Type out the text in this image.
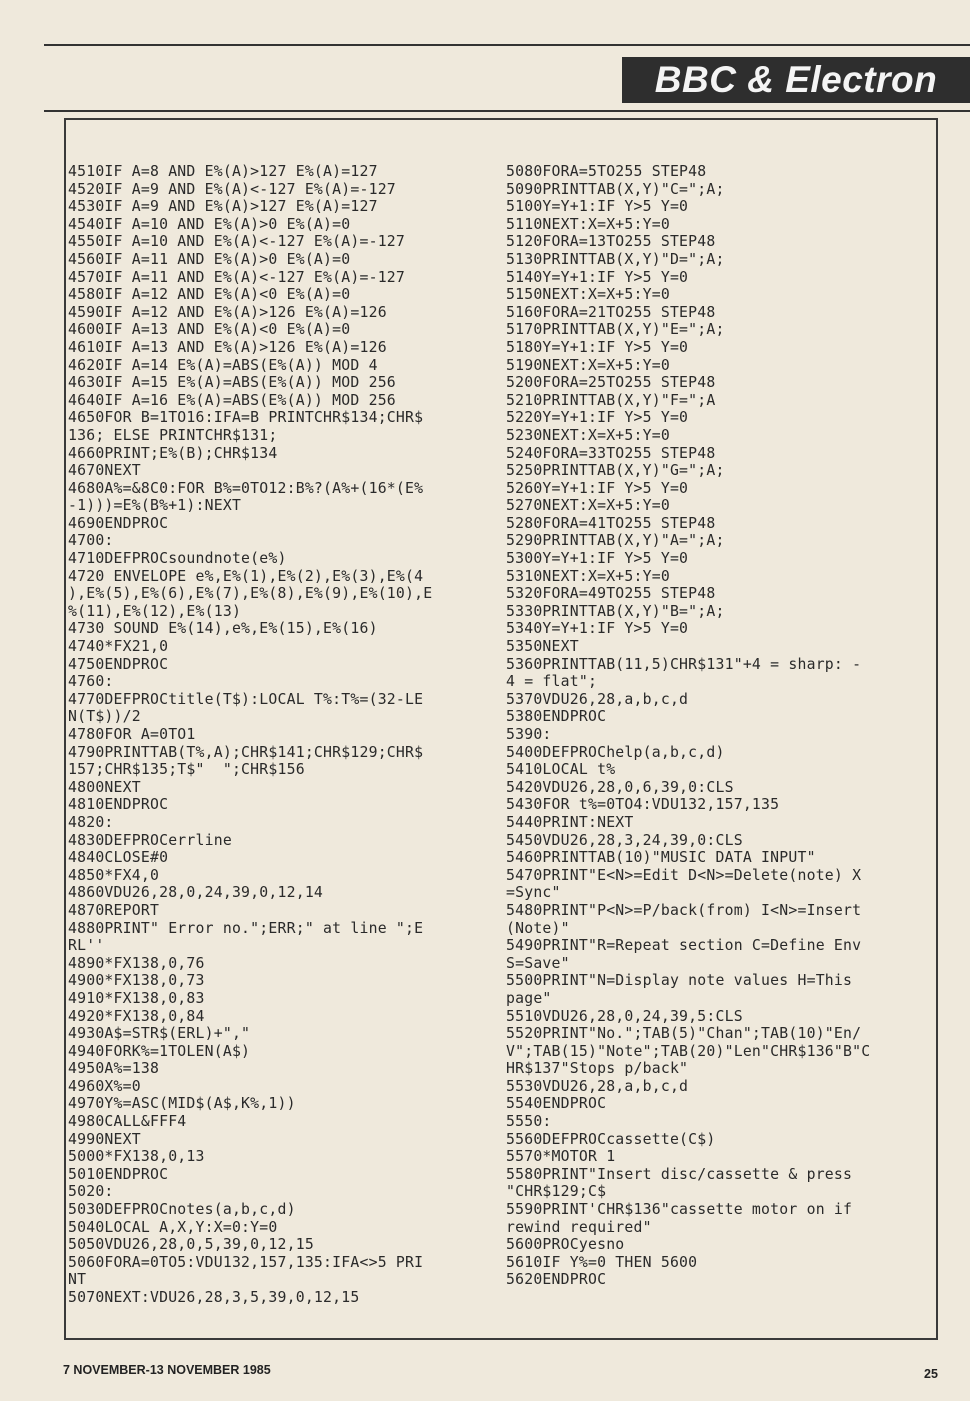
BBC & Electron
4510IF A=8 AND E%(A)>127 E%(A)=127
4520IF A=9 AND E%(A)<-127 E%(A)=-127
4530IF A=9 AND E%(A)>127 E%(A)=127
4540IF A=10 AND E%(A)>0 E%(A)=0
4550IF A=10 AND E%(A)<-127 E%(A)=-127
4560IF A=11 AND E%(A)>0 E%(A)=0
4570IF A=11 AND E%(A)<-127 E%(A)=-127
4580IF A=12 AND E%(A)<0 E%(A)=0
4590IF A=12 AND E%(A)>126 E%(A)=126
4600IF A=13 AND E%(A)<0 E%(A)=0
4610IF A=13 AND E%(A)>126 E%(A)=126
4620IF A=14 E%(A)=ABS(E%(A)) MOD 4
4630IF A=15 E%(A)=ABS(E%(A)) MOD 256
4640IF A=16 E%(A)=ABS(E%(A)) MOD 256
4650FOR B=1TO16:IFA=B PRINTCHR$134;CHR$
136; ELSE PRINTCHR$131;
4660PRINT;E%(B);CHR$134
4670NEXT
4680A%=&8C0:FOR B%=0TO12:B%?(A%+(16*(E%
-1)))=E%(B%+1):NEXT
4690ENDPROC
4700:
4710DEFPROCsoundnote(e%)
4720 ENVELOPE e%,E%(1),E%(2),E%(3),E%(4
),E%(5),E%(6),E%(7),E%(8),E%(9),E%(10),E
%(11),E%(12),E%(13)
4730 SOUND E%(14),e%,E%(15),E%(16)
4740*FX21,0
4750ENDPROC
4760:
4770DEFPROCtitle(T$):LOCAL T%:T%=(32-LE
N(T$))/2
4780FOR A=0TO1
4790PRINTTAB(T%,A);CHR$141;CHR$129;CHR$
157;CHR$135;T$"  ";CHR$156
4800NEXT
4810ENDPROC
4820:
4830DEFPROCerrline
4840CLOSE#0
4850*FX4,0
4860VDU26,28,0,24,39,0,12,14
4870REPORT
4880PRINT" Error no.";ERR;" at line ";E
RL''
4890*FX138,0,76
4900*FX138,0,73
4910*FX138,0,83
4920*FX138,0,84
4930A$=STR$(ERL)+","
4940FORK%=1TOLEN(A$)
4950A%=138
4960X%=0
4970Y%=ASC(MID$(A$,K%,1))
4980CALL&FFF4
4990NEXT
5000*FX138,0,13
5010ENDPROC
5020:
5030DEFPROCnotes(a,b,c,d)
5040LOCAL A,X,Y:X=0:Y=0
5050VDU26,28,0,5,39,0,12,15
5060FORA=0TO5:VDU132,157,135:IFA<>5 PRI
NT
5070NEXT:VDU26,28,3,5,39,0,12,15
5080FORA=5TO255 STEP48
5090PRINTTAB(X,Y)"C=";A;
5100Y=Y+1:IF Y>5 Y=0
5110NEXT:X=X+5:Y=0
5120FORA=13TO255 STEP48
5130PRINTTAB(X,Y)"D=";A;
5140Y=Y+1:IF Y>5 Y=0
5150NEXT:X=X+5:Y=0
5160FORA=21TO255 STEP48
5170PRINTTAB(X,Y)"E=";A;
5180Y=Y+1:IF Y>5 Y=0
5190NEXT:X=X+5:Y=0
5200FORA=25TO255 STEP48
5210PRINTTAB(X,Y)"F=";A
5220Y=Y+1:IF Y>5 Y=0
5230NEXT:X=X+5:Y=0
5240FORA=33TO255 STEP48
5250PRINTTAB(X,Y)"G=";A;
5260Y=Y+1:IF Y>5 Y=0
5270NEXT:X=X+5:Y=0
5280FORA=41TO255 STEP48
5290PRINTTAB(X,Y)"A=";A;
5300Y=Y+1:IF Y>5 Y=0
5310NEXT:X=X+5:Y=0
5320FORA=49TO255 STEP48
5330PRINTTAB(X,Y)"B=";A;
5340Y=Y+1:IF Y>5 Y=0
5350NEXT
5360PRINTTAB(11,5)CHR$131"+4 = sharp: -
4 = flat";
5370VDU26,28,a,b,c,d
5380ENDPROC
5390:
5400DEFPROChelp(a,b,c,d)
5410LOCAL t%
5420VDU26,28,0,6,39,0:CLS
5430FOR t%=0TO4:VDU132,157,135
5440PRINT:NEXT
5450VDU26,28,3,24,39,0:CLS
5460PRINTTAB(10)"MUSIC DATA INPUT"
5470PRINT"E<N>=Edit D<N>=Delete(note) X
=Sync"
5480PRINT"P<N>=P/back(from) I<N>=Insert
(Note)"
5490PRINT"R=Repeat section C=Define Env
S=Save"
5500PRINT"N=Display note values H=This
page"
5510VDU26,28,0,24,39,5:CLS
5520PRINT"No.";TAB(5)"Chan";TAB(10)"En/
V";TAB(15)"Note";TAB(20)"Len"CHR$136"B"C
HR$137"Stops p/back"
5530VDU26,28,a,b,c,d
5540ENDPROC
5550:
5560DEFPROCcassette(C$)
5570*MOTOR 1
5580PRINT"Insert disc/cassette & press
"CHR$129;C$
5590PRINT'CHR$136"cassette motor on if
rewind required"
5600PROCyesno
5610IF Y%=0 THEN 5600
5620ENDPROC
7 NOVEMBER-13 NOVEMBER 1985	25
